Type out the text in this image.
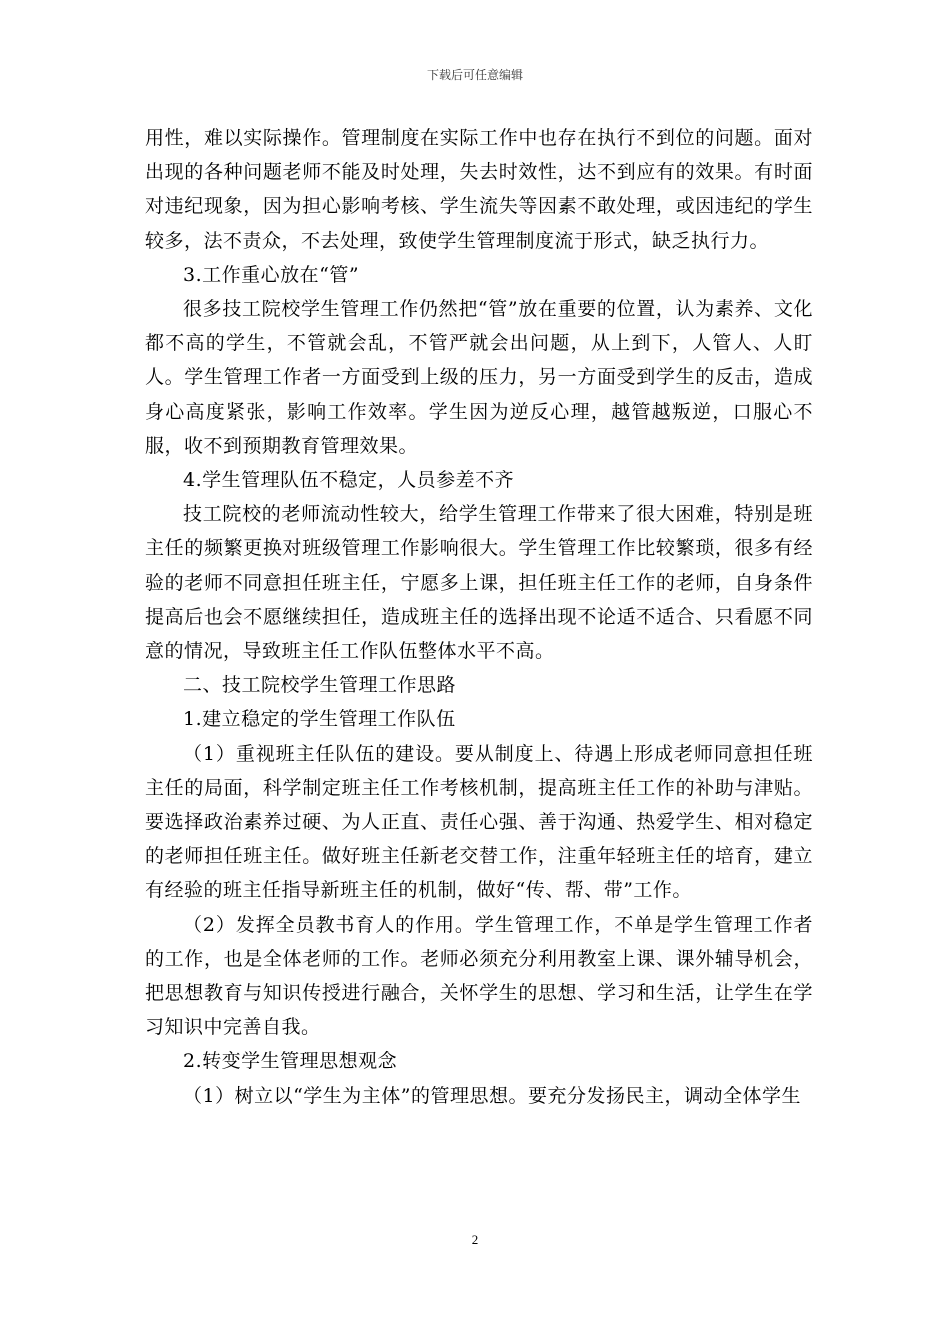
下载后可任意编辑

用性，难以实际操作。管理制度在实际工作中也存在执行不到位的问题。面对出现的各种问题老师不能及时处理，失去时效性，达不到应有的效果。有时面对违纪现象，因为担心影响考核、学生流失等因素不敢处理，或因违纪的学生较多，法不责众，不去处理，致使学生管理制度流于形式，缺乏执行力。

3.工作重心放在“管”

很多技工院校学生管理工作仍然把“管”放在重要的位置，认为素养、文化都不高的学生，不管就会乱，不管严就会出问题，从上到下，人管人、人盯人。学生管理工作者一方面受到上级的压力，另一方面受到学生的反击，造成身心高度紧张，影响工作效率。学生因为逆反心理，越管越叛逆，口服心不服，收不到预期教育管理效果。

4.学生管理队伍不稳定，人员参差不齐

技工院校的老师流动性较大，给学生管理工作带来了很大困难，特别是班主任的频繁更换对班级管理工作影响很大。学生管理工作比较繁琐，很多有经验的老师不同意担任班主任，宁愿多上课，担任班主任工作的老师，自身条件提高后也会不愿继续担任，造成班主任的选择出现不论适不适合、只看愿不同意的情况，导致班主任工作队伍整体水平不高。

二、技工院校学生管理工作思路

1.建立稳定的学生管理工作队伍

（1）重视班主任队伍的建设。要从制度上、待遇上形成老师同意担任班主任的局面，科学制定班主任工作考核机制，提高班主任工作的补助与津贴。要选择政治素养过硬、为人正直、责任心强、善于沟通、热爱学生、相对稳定的老师担任班主任。做好班主任新老交替工作，注重年轻班主任的培育，建立有经验的班主任指导新班主任的机制，做好“传、帮、带”工作。

（2）发挥全员教书育人的作用。学生管理工作，不单是学生管理工作者的工作，也是全体老师的工作。老师必须充分利用教室上课、课外辅导机会，把思想教育与知识传授进行融合，关怀学生的思想、学习和生活，让学生在学习知识中完善自我。

2.转变学生管理思想观念

（1）树立以“学生为主体”的管理思想。要充分发扬民主，调动全体学生

2
